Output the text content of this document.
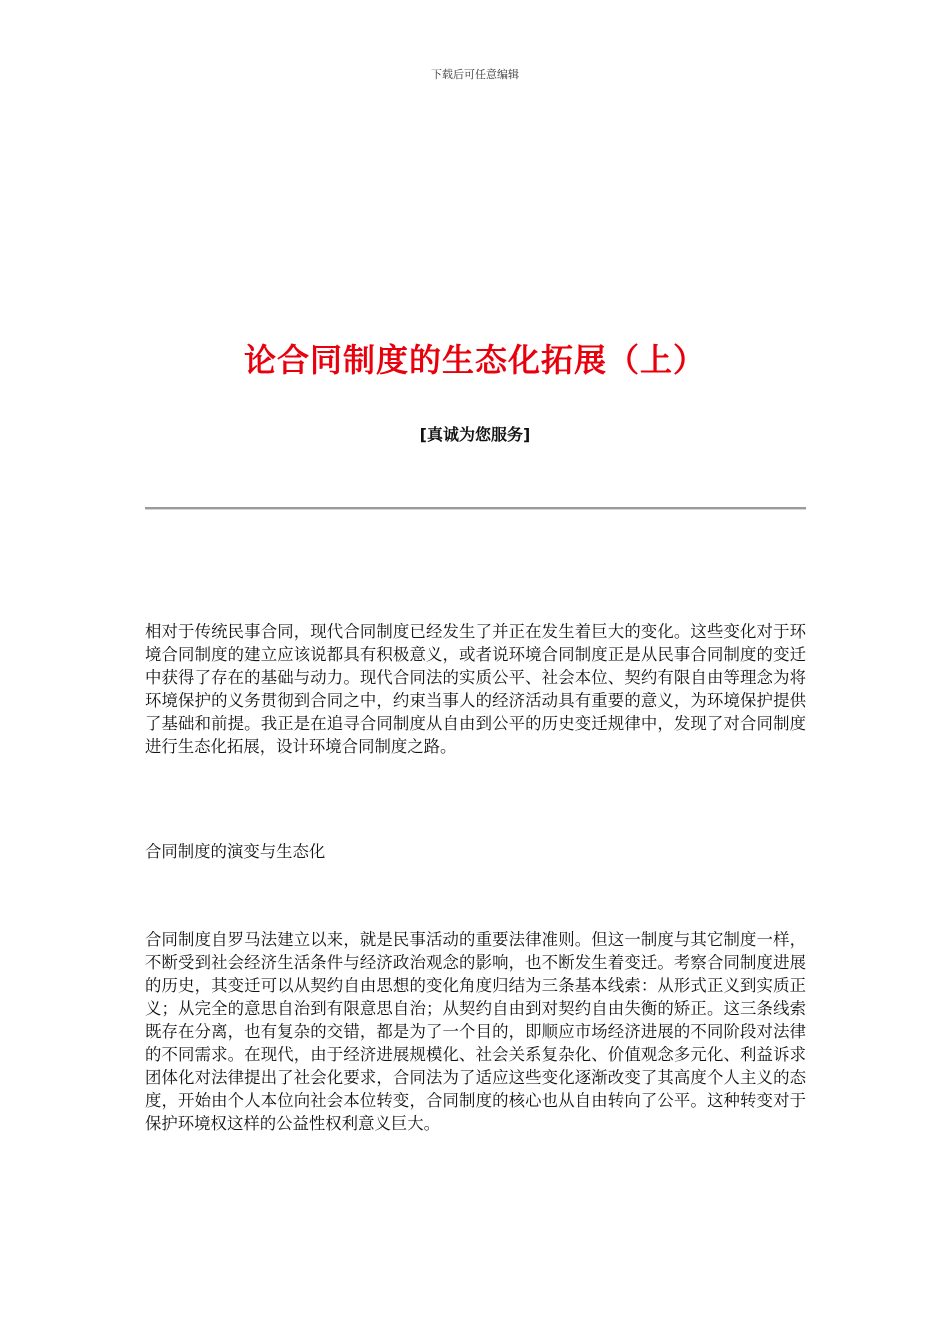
下载后可任意编辑
论合同制度的生态化拓展（上）
[真诚为您服务]

相对于传统民事合同，现代合同制度已经发生了并正在发生着巨大的变化。这些变化对于环境合同制度的建立应该说都具有积极意义，或者说环境合同制度正是从民事合同制度的变迁中获得了存在的基础与动力。现代合同法的实质公平、社会本位、契约有限自由等理念为将环境保护的义务贯彻到合同之中，约束当事人的经济活动具有重要的意义，为环境保护提供了基础和前提。我正是在追寻合同制度从自由到公平的历史变迁规律中，发现了对合同制度进行生态化拓展，设计环境合同制度之路。

合同制度的演变与生态化

合同制度自罗马法建立以来，就是民事活动的重要法律准则。但这一制度与其它制度一样，不断受到社会经济生活条件与经济政治观念的影响，也不断发生着变迁。考察合同制度进展的历史，其变迁可以从契约自由思想的变化角度归结为三条基本线索：从形式正义到实质正义；从完全的意思自治到有限意思自治；从契约自由到对契约自由失衡的矫正。这三条线索既存在分离，也有复杂的交错，都是为了一个目的，即顺应市场经济进展的不同阶段对法律的不同需求。在现代，由于经济进展规模化、社会关系复杂化、价值观念多元化、利益诉求团体化对法律提出了社会化要求，合同法为了适应这些变化逐渐改变了其高度个人主义的态度，开始由个人本位向社会本位转变，合同制度的核心也从自由转向了公平。这种转变对于保护环境权这样的公益性权利意义巨大。
